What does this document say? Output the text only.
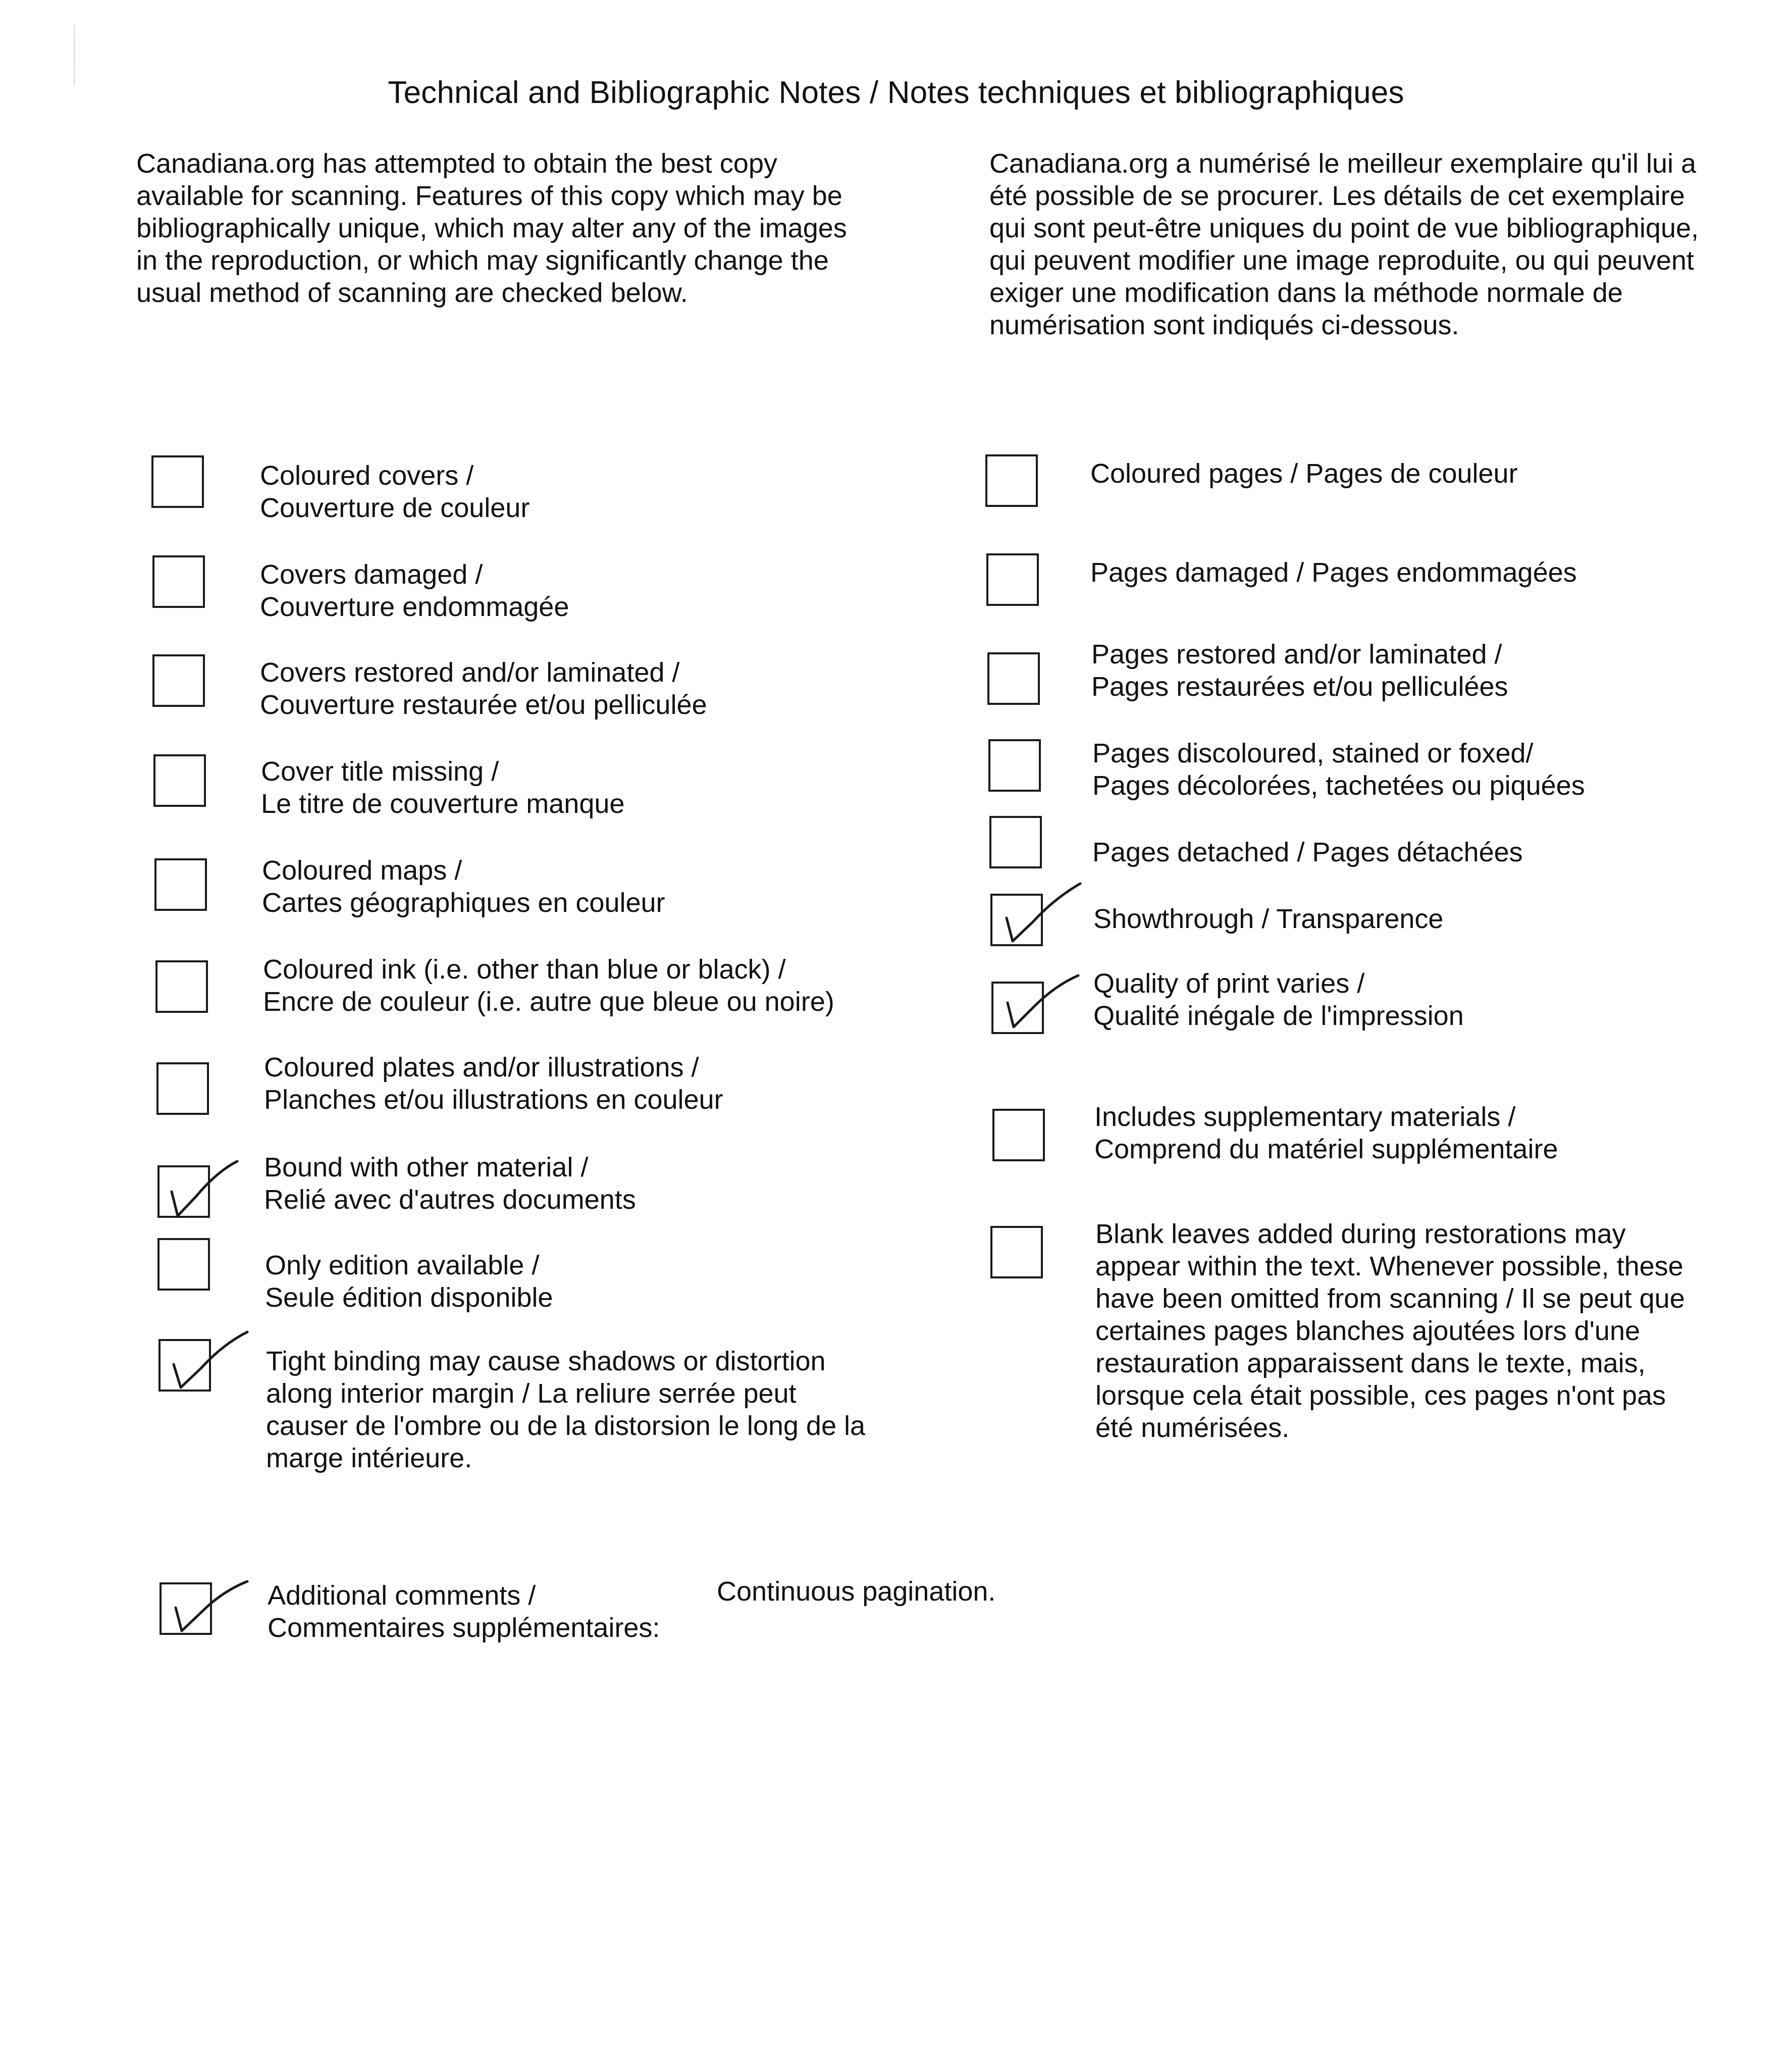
Technical and Bibliographic Notes / Notes techniques et bibliographiques
Canadiana.org has attempted to obtain the best copy
available for scanning. Features of this copy which may be
bibliographically unique, which may alter any of the images
in the reproduction, or which may significantly change the
usual method of scanning are checked below.
Canadiana.org a numérisé le meilleur exemplaire qu'il lui a
été possible de se procurer. Les détails de cet exemplaire
qui sont peut-être uniques du point de vue bibliographique,
qui peuvent modifier une image reproduite, ou qui peuvent
exiger une modification dans la méthode normale de
numérisation sont indiqués ci-dessous.
Coloured covers /
Couverture de couleur
Covers damaged /
Couverture endommagée
Covers restored and/or laminated /
Couverture restaurée et/ou pelliculée
Cover title missing /
Le titre de couverture manque
Coloured maps /
Cartes géographiques en couleur
Coloured ink (i.e. other than blue or black) /
Encre de couleur (i.e. autre que bleue ou noire)
Coloured plates and/or illustrations /
Planches et/ou illustrations en couleur
Bound with other material /
Relié avec d'autres documents
Only edition available /
Seule édition disponible
Tight binding may cause shadows or distortion
along interior margin / La reliure serrée peut
causer de l'ombre ou de la distorsion le long de la
marge intérieure.
Coloured pages / Pages de couleur
Pages damaged / Pages endommagées
Pages restored and/or laminated /
Pages restaurées et/ou pelliculées
Pages discoloured, stained or foxed/
Pages décolorées, tachetées ou piquées
Pages detached / Pages détachées
Showthrough / Transparence
Quality of print varies /
Qualité inégale de l'impression
Includes supplementary materials /
Comprend du matériel supplémentaire
Blank leaves added during restorations may
appear within the text. Whenever possible, these
have been omitted from scanning / Il se peut que
certaines pages blanches ajoutées lors d'une
restauration apparaissent dans le texte, mais,
lorsque cela était possible, ces pages n'ont pas
été numérisées.
Additional comments /
Commentaires supplémentaires:
Continuous pagination.
